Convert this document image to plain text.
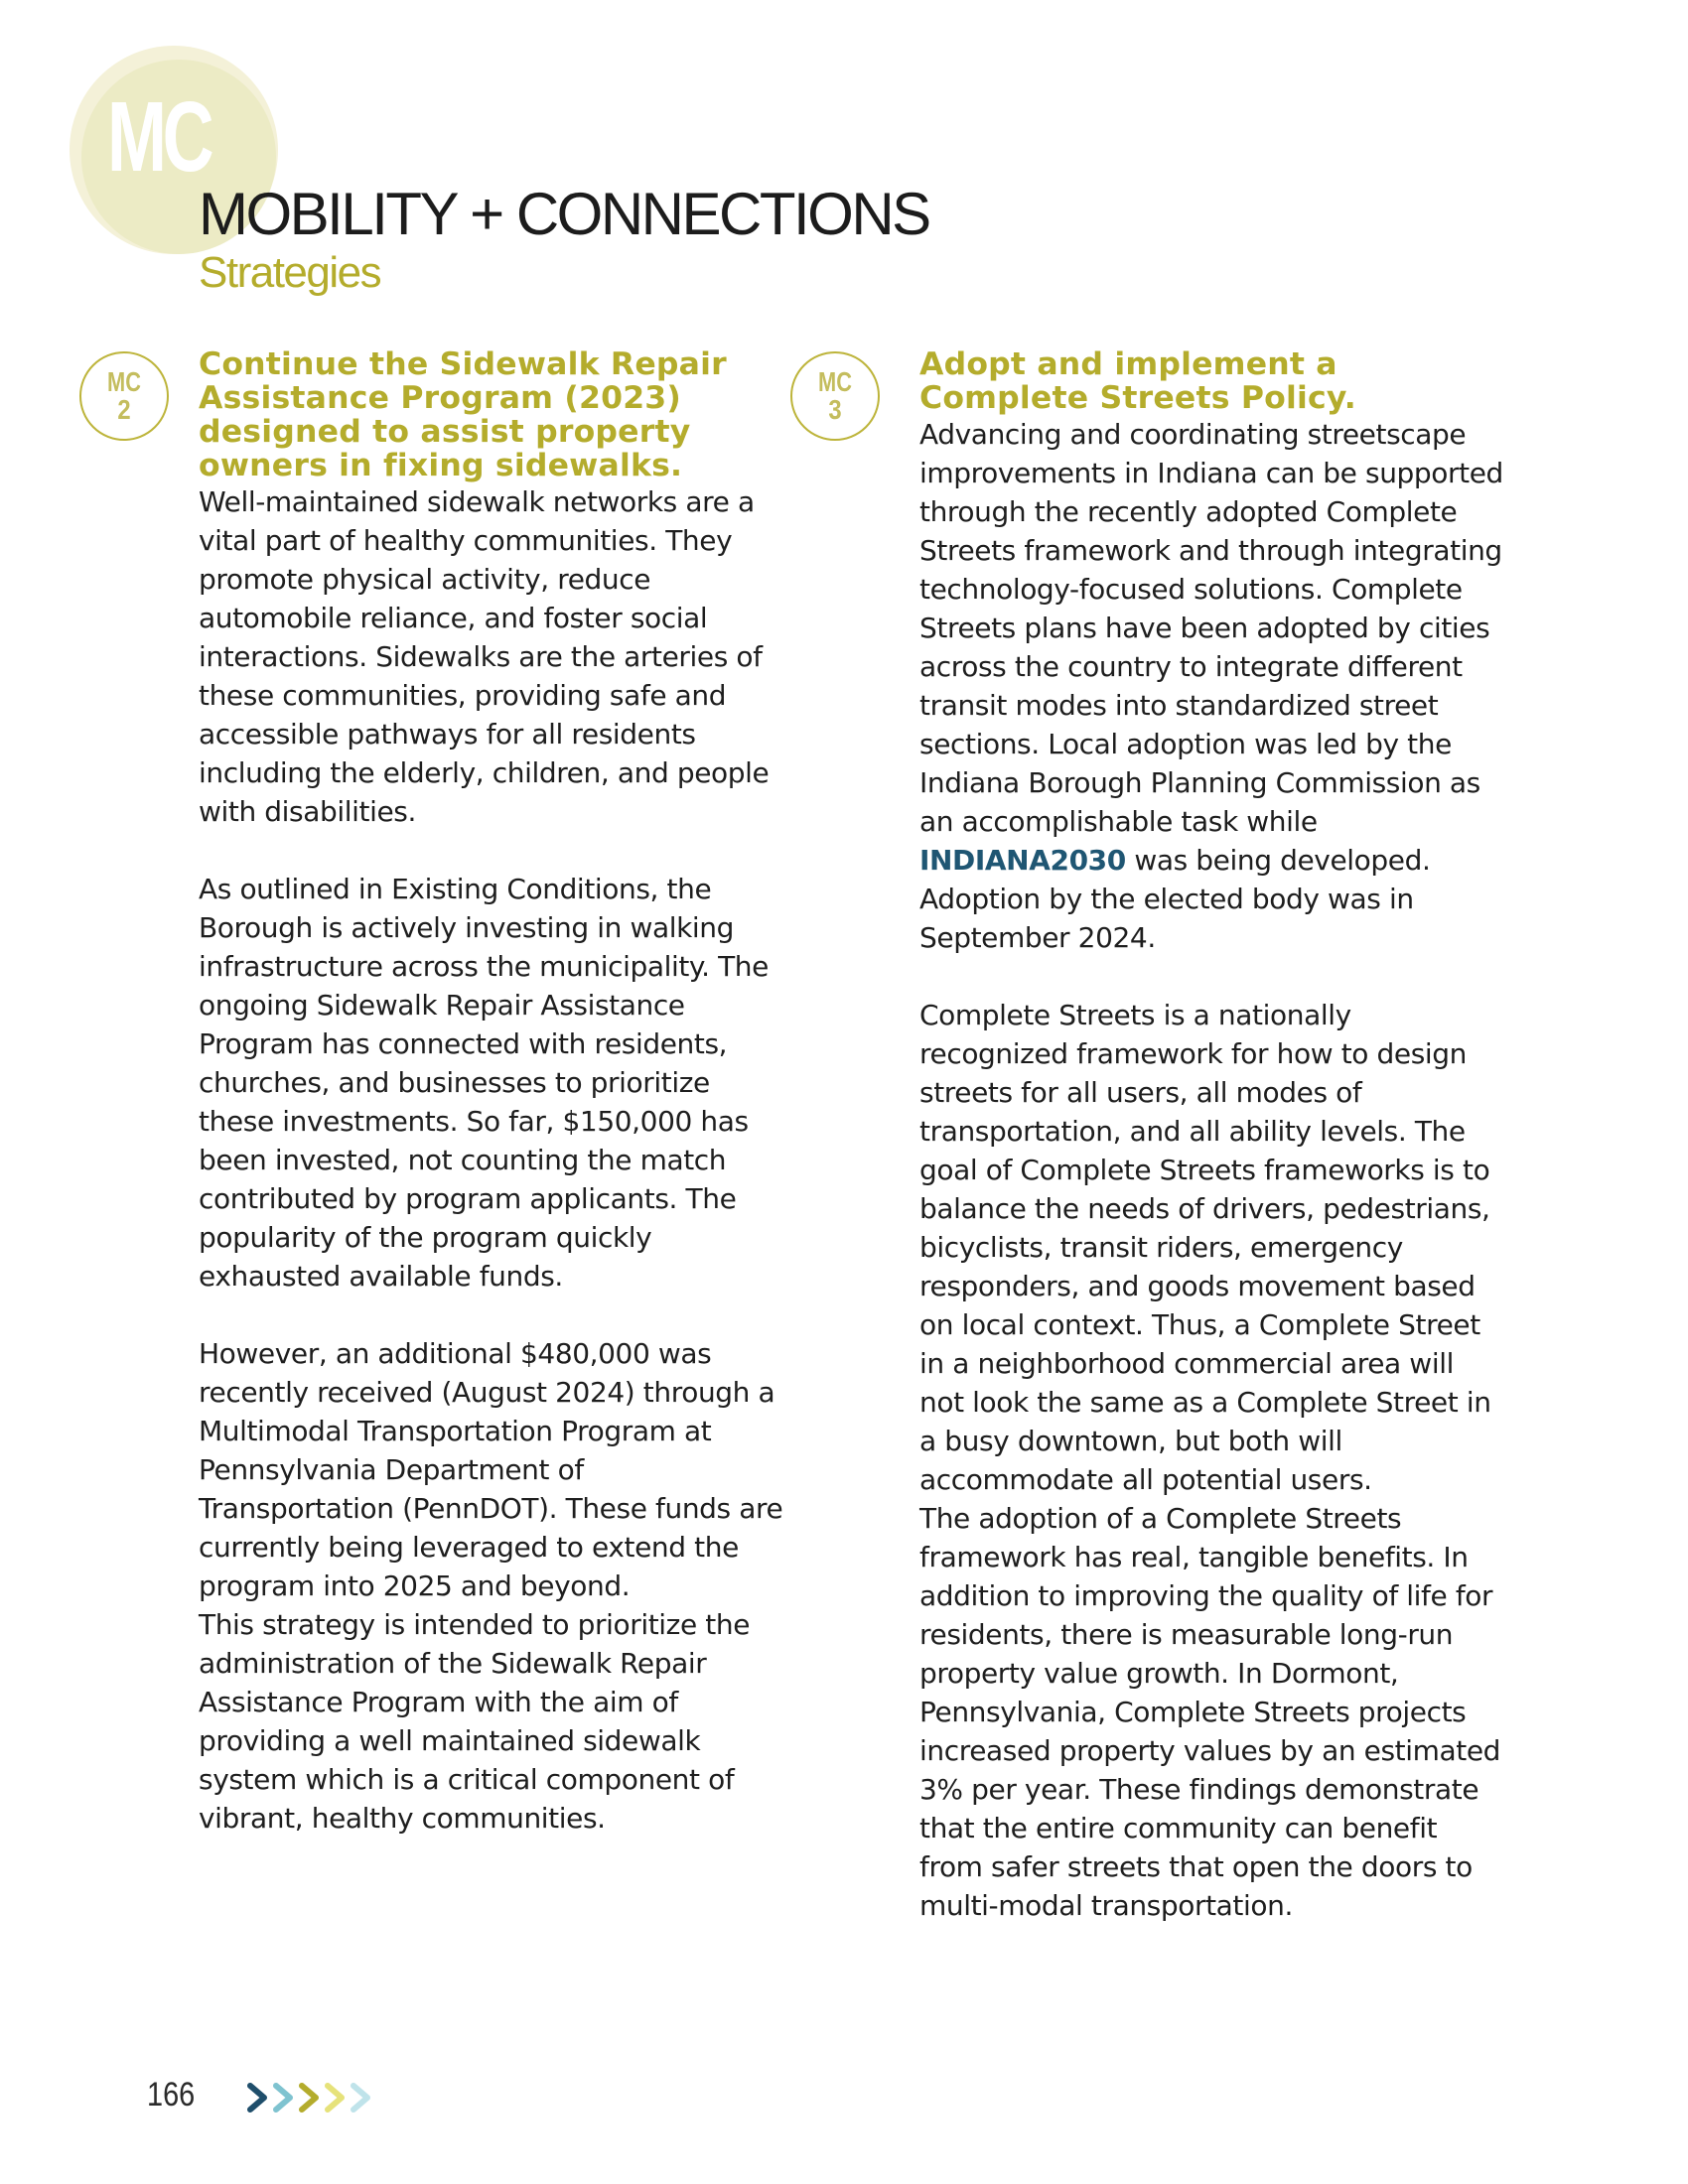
MC
MOBILITY + CONNECTIONS
Strategies
MC
2
MC
3
Continue the Sidewalk Repair Assistance Program (2023) designed to assist property owners in fixing sidewalks.

Well-maintained sidewalk networks are a vital part of healthy communities. They promote physical activity, reduce automobile reliance, and foster social interactions. Sidewalks are the arteries of these communities, providing safe and accessible pathways for all residents including the elderly, children, and people with disabilities.

As outlined in Existing Conditions, the Borough is actively investing in walking infrastructure across the municipality. The ongoing Sidewalk Repair Assistance Program has connected with residents, churches, and businesses to prioritize these investments. So far, $150,000 has been invested, not counting the match contributed by program applicants. The popularity of the program quickly exhausted available funds.

However, an additional $480,000 was recently received (August 2024) through a Multimodal Transportation Program at Pennsylvania Department of Transportation (PennDOT). These funds are currently being leveraged to extend the program into 2025 and beyond.

This strategy is intended to prioritize the administration of the Sidewalk Repair Assistance Program with the aim of providing a well maintained sidewalk system which is a critical component of vibrant, healthy communities.

Adopt and implement a Complete Streets Policy.

Advancing and coordinating streetscape improvements in Indiana can be supported through the recently adopted Complete Streets framework and through integrating technology-focused solutions. Complete Streets plans have been adopted by cities across the country to integrate different transit modes into standardized street sections. Local adoption was led by the Indiana Borough Planning Commission as an accomplishable task while INDIANA2030 was being developed. Adoption by the elected body was in September 2024.

Complete Streets is a nationally recognized framework for how to design streets for all users, all modes of transportation, and all ability levels. The goal of Complete Streets frameworks is to balance the needs of drivers, pedestrians, bicyclists, transit riders, emergency responders, and goods movement based on local context. Thus, a Complete Street in a neighborhood commercial area will not look the same as a Complete Street in a busy downtown, but both will accommodate all potential users.

The adoption of a Complete Streets framework has real, tangible benefits. In addition to improving the quality of life for residents, there is measurable long-run property value growth. In Dormont, Pennsylvania, Complete Streets projects increased property values by an estimated 3% per year. These findings demonstrate that the entire community can benefit from safer streets that open the doors to multi-modal transportation.

166
